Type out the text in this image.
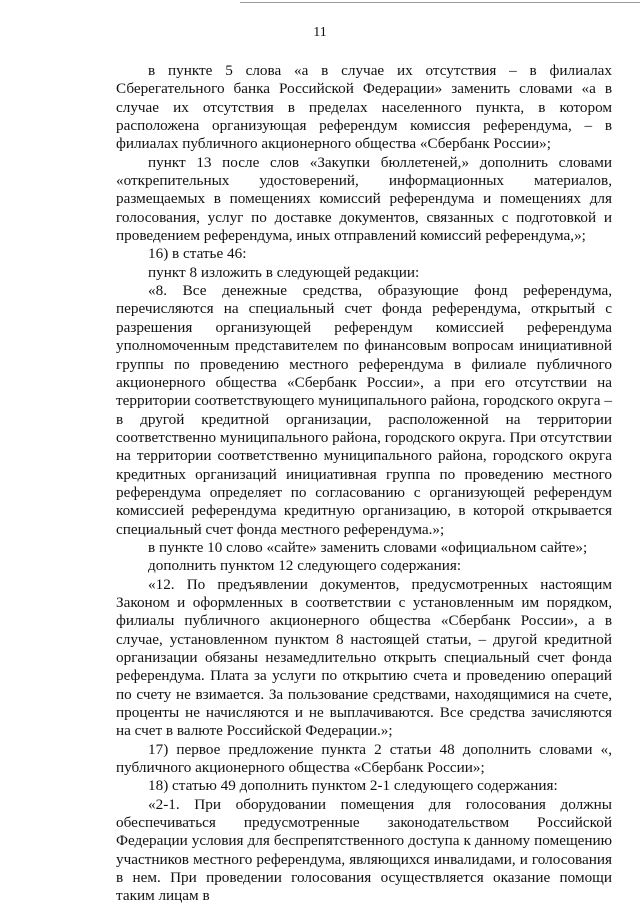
11

в пункте 5 слова «а в случае их отсутствия – в филиалах Сберегательного банка Российской Федерации» заменить словами «а в случае их отсутствия в пределах населенного пункта, в котором расположена организующая референдум комиссия референдума, – в филиалах публичного акционерного общества «Сбербанк России»;

пункт 13 после слов «Закупки бюллетеней,» дополнить словами «открепительных удостоверений, информационных материалов, размещаемых в помещениях комиссий референдума и помещениях для голосования, услуг по доставке документов, связанных с подготовкой и проведением референдума, иных отправлений комиссий референдума,»;

16) в статье 46:

пункт 8 изложить в следующей редакции:

«8. Все денежные средства, образующие фонд референдума, перечисляются на специальный счет фонда референдума, открытый с разрешения организующей референдум комиссией референдума уполномоченным представителем по финансовым вопросам инициативной группы по проведению местного референдума в филиале публичного акционерного общества «Сбербанк России», а при его отсутствии на территории соответствующего муниципального района, городского округа – в другой кредитной организации, расположенной на территории соответственно муниципального района, городского округа. При отсутствии на территории соответственно муниципального района, городского округа кредитных организаций инициативная группа по проведению местного референдума определяет по согласованию с организующей референдум комиссией референдума кредитную организацию, в которой открывается специальный счет фонда местного референдума.»;

в пункте 10 слово «сайте» заменить словами «официальном сайте»;

дополнить пунктом 12 следующего содержания:

«12. По предъявлении документов, предусмотренных настоящим Законом и оформленных в соответствии с установленным им порядком, филиалы публичного акционерного общества «Сбербанк России», а в случае, установленном пунктом 8 настоящей статьи, – другой кредитной организации обязаны незамедлительно открыть специальный счет фонда референдума. Плата за услуги по открытию счета и проведению операций по счету не взимается. За пользование средствами, находящимися на счете, проценты не начисляются и не выплачиваются. Все средства зачисляются на счет в валюте Российской Федерации.»;

17) первое предложение пункта 2 статьи 48 дополнить словами «, публичного акционерного общества «Сбербанк России»;

18) статью 49 дополнить пунктом 2-1 следующего содержания:

«2-1. При оборудовании помещения для голосования должны обеспечиваться предусмотренные законодательством Российской Федерации условия для беспрепятственного доступа к данному помещению участников местного референдума, являющихся инвалидами, и голосования в нем. При проведении голосования осуществляется оказание помощи таким лицам в
